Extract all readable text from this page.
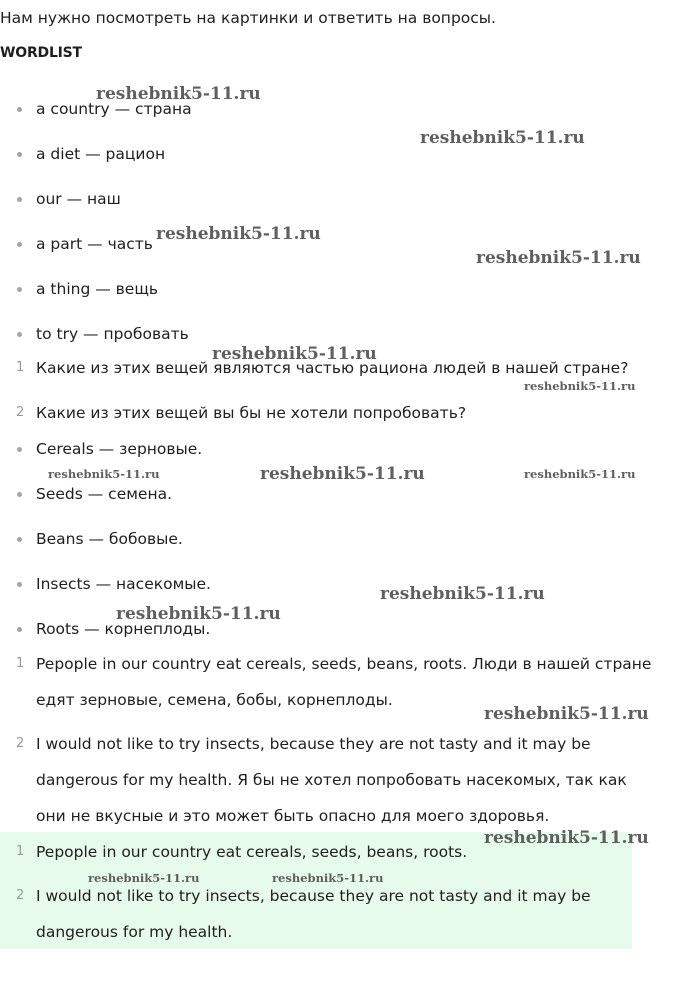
Нам нужно посмотреть на картинки и ответить на вопросы.
WORDLIST
a country — страна
a diet — рацион
our — наш
a part — часть
a thing — вещь
to try — пробовать
1 Какие из этих вещей являются частью рациона людей в нашей стране?
2 Какие из этих вещей вы бы не хотели попробовать?
Cereals — зерновые.
Seeds — семена.
Beans — бобовые.
Insects — насекомые.
Roots — корнеплоды.
1 Pepople in our country eat cereals, seeds, beans, roots. Люди в нашей стране едят зерновые, семена, бобы, корнеплоды.
2 I would not like to try insects, because they are not tasty and it may be dangerous for my health. Я бы не хотел попробовать насекомых, так как они не вкусные и это может быть опасно для моего здоровья.
1 Pepople in our country eat cereals, seeds, beans, roots.
2 I would not like to try insects, because they are not tasty and it may be dangerous for my health.
reshebnik5-11.ru
reshebnik5-11.ru
reshebnik5-11.ru
reshebnik5-11.ru
reshebnik5-11.ru
reshebnik5-11.ru
reshebnik5-11.ru	reshebnik5-11.ru	reshebnik5-11.ru
reshebnik5-11.ru
reshebnik5-11.ru
reshebnik5-11.ru
reshebnik5-11.ru
reshebnik5-11.ru	reshebnik5-11.ru
